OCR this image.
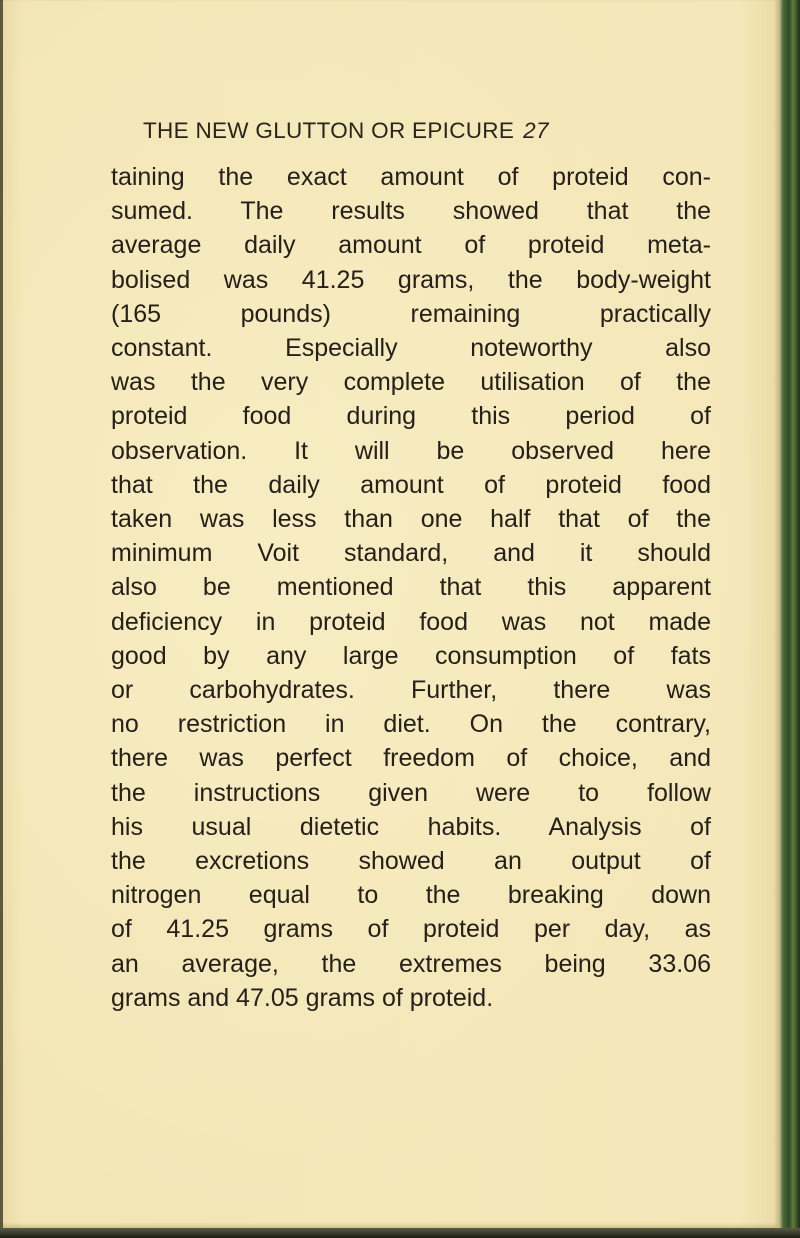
THE NEW GLUTTON OR EPICURE 27

taining the exact amount of proteid con-
sumed. The results showed that the
average daily amount of proteid meta-
bolised was 41.25 grams, the body-weight
(165 pounds) remaining practically
constant. Especially noteworthy also
was the very complete utilisation of the
proteid food during this period of
observation. It will be observed here
that the daily amount of proteid food
taken was less than one half that of the
minimum Voit standard, and it should
also be mentioned that this apparent
deficiency in proteid food was not made
good by any large consumption of fats
or carbohydrates. Further, there was
no restriction in diet. On the contrary,
there was perfect freedom of choice, and
the instructions given were to follow
his usual dietetic habits. Analysis of
the excretions showed an output of
nitrogen equal to the breaking down
of 41.25 grams of proteid per day, as
an average, the extremes being 33.06
grams and 47.05 grams of proteid.
